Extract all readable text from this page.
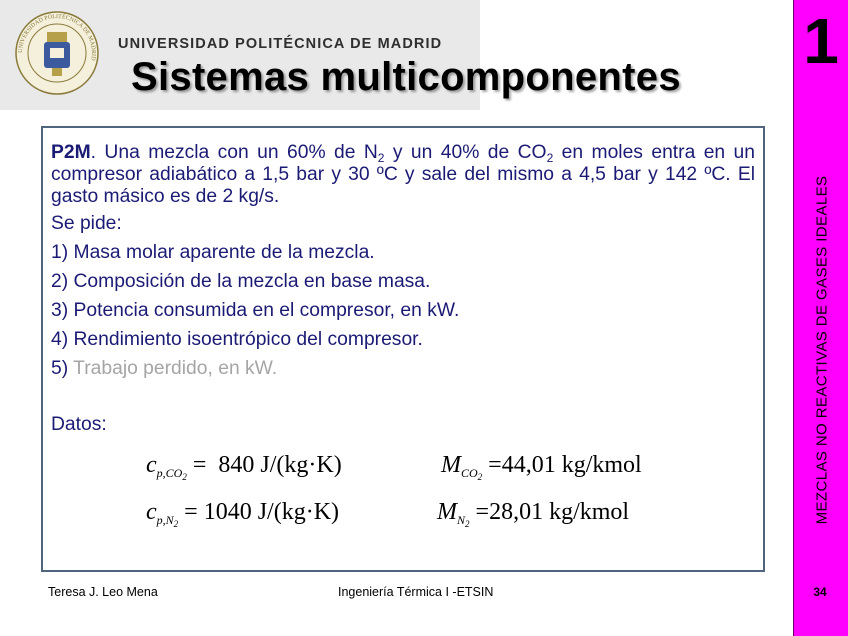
UNIVERSIDAD POLITÉCNICA DE MADRID
UNIVERSIDAD POLITÉCNICA DE MADRID
Sistemas multicomponentes 1
MEZCLAS NO REACTIVAS DE GASES IDEALES
34
P2M. Una mezcla con un 60% de $N_2$ y un 40% de $CO_2$ en moles entra en un compresor adiabático a 1,5 bar y 30 ºC y sale del mismo a 4,5 bar y 142 ºC. El gasto másico es de 2 kg/s.
Se pide:
1) Masa molar aparente de la mezcla.
2) Composición de la mezcla en base masa.
3) Potencia consumida en el compresor, en kW.
4) Rendimiento isoentrópico del compresor.
5) Trabajo perdido, en kW.
Datos:
$c_{p,CO_2} = 840$ J/(kg·K)	$M_{CO_2} =44,01$ kg/kmol
$c_{p,N_2} = 1040$ J/(kg·K)	$M_{N_2} =28,01$ kg/kmol
Teresa J. Leo Mena	Ingeniería Térmica I -ETSIN
